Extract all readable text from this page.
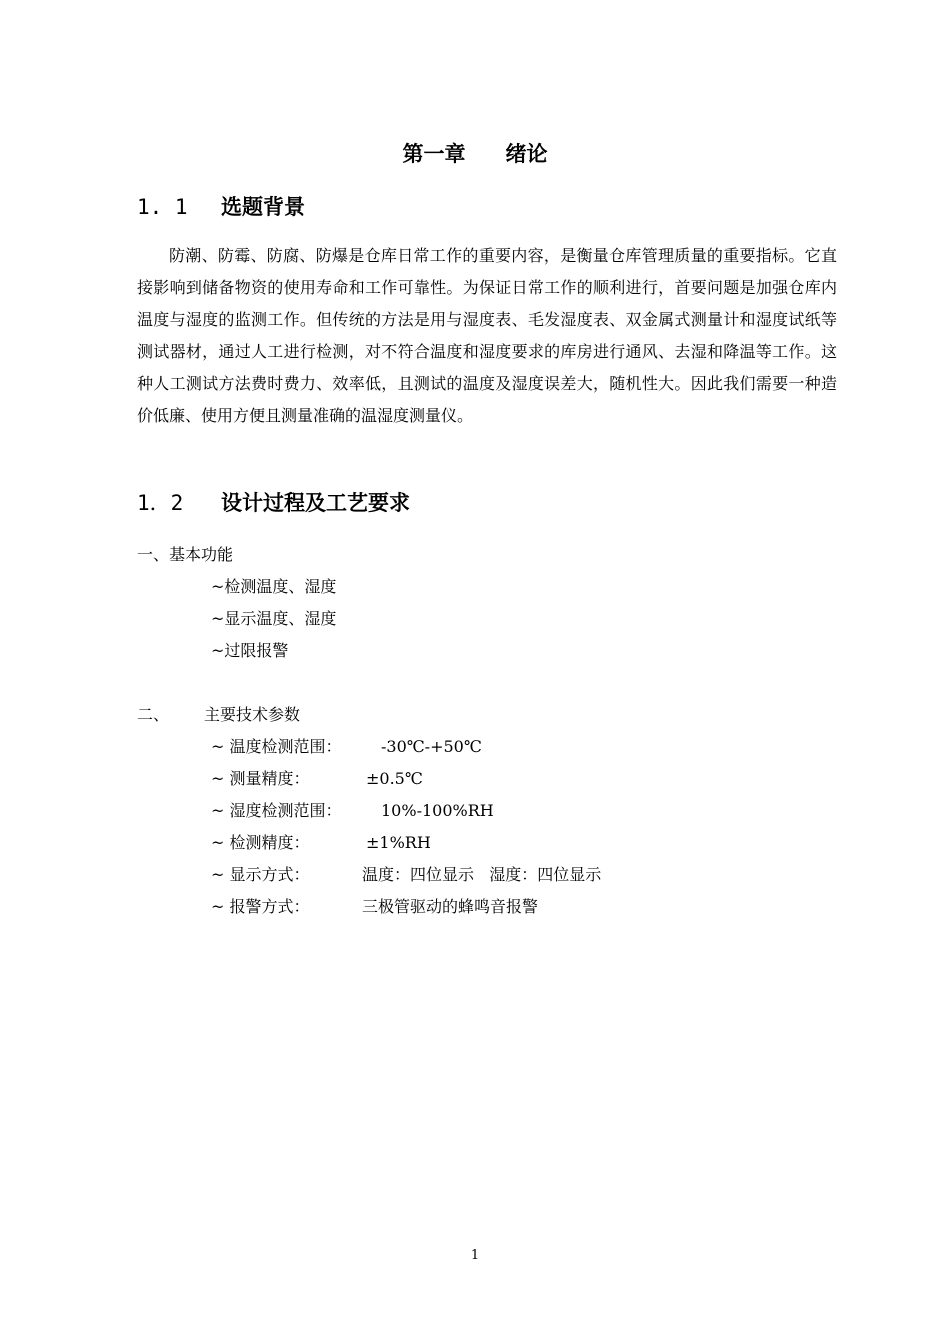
第一章 绪论
1. 1 选题背景
防潮、防霉、防腐、防爆是仓库日常工作的重要内容，是衡量仓库管理质量的重要指标。它直接影响到储备物资的使用寿命和工作可靠性。为保证日常工作的顺利进行，首要问题是加强仓库内温度与湿度的监测工作。但传统的方法是用与湿度表、毛发湿度表、双金属式测量计和湿度试纸等测试器材，通过人工进行检测，对不符合温度和湿度要求的库房进行通风、去湿和降温等工作。这种人工测试方法费时费力、效率低，且测试的温度及湿度误差大，随机性大。因此我们需要一种造价低廉、使用方便且测量准确的温湿度测量仪。
1．2 设计过程及工艺要求
一、基本功能
~检测温度、湿度
~显示温度、湿度
~过限报警
二、 主要技术参数
~ 温度检测范围： -30℃-+50℃
~ 测量精度：	±0.5℃
~ 湿度检测范围： 10%-100%RH
~ 检测精度：	±1%RH
~ 显示方式：	温度：四位显示   湿度：四位显示
~ 报警方式：	三极管驱动的蜂鸣音报警
1
